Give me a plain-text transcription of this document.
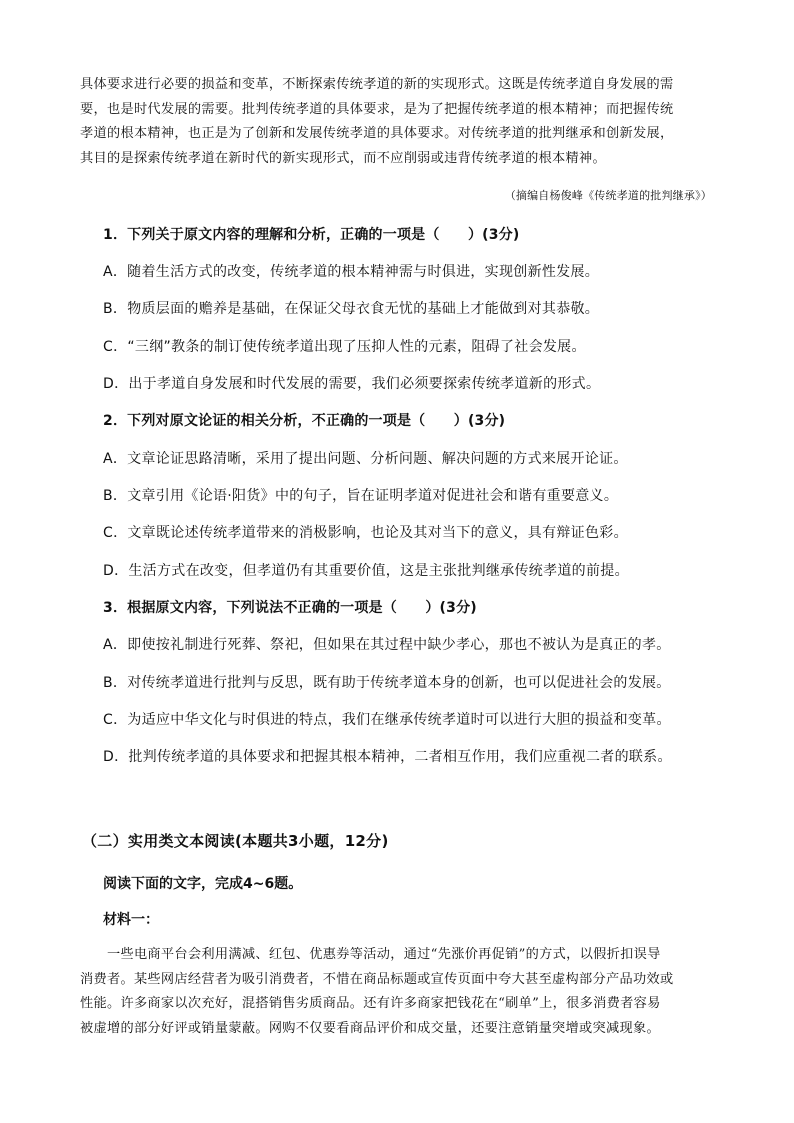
具体要求进行必要的损益和变革，不断探索传统孝道的新的实现形式。这既是传统孝道自身发展的需
要，也是时代发展的需要。批判传统孝道的具体要求，是为了把握传统孝道的根本精神；而把握传统
孝道的根本精神，也正是为了创新和发展传统孝道的具体要求。对传统孝道的批判继承和创新发展，
其目的是探索传统孝道在新时代的新实现形式，而不应削弱或违背传统孝道的根本精神。
（摘编自杨俊峰《传统孝道的批判继承》）
1．下列关于原文内容的理解和分析，正确的一项是（　　）(3分)
A．随着生活方式的改变，传统孝道的根本精神需与时俱进，实现创新性发展。
B．物质层面的赡养是基础，在保证父母衣食无忧的基础上才能做到对其恭敬。
C．“三纲”教条的制订使传统孝道出现了压抑人性的元素，阻碍了社会发展。
D．出于孝道自身发展和时代发展的需要，我们必须要探索传统孝道新的形式。
2．下列对原文论证的相关分析，不正确的一项是（　　）(3分)
A．文章论证思路清晰，采用了提出问题、分析问题、解决问题的方式来展开论证。
B．文章引用《论语·阳货》中的句子，旨在证明孝道对促进社会和谐有重要意义。
C．文章既论述传统孝道带来的消极影响，也论及其对当下的意义，具有辩证色彩。
D．生活方式在改变，但孝道仍有其重要价值，这是主张批判继承传统孝道的前提。
3．根据原文内容，下列说法不正确的一项是（　　）(3分)
A．即使按礼制进行死葬、祭祀，但如果在其过程中缺少孝心，那也不被认为是真正的孝。
B．对传统孝道进行批判与反思，既有助于传统孝道本身的创新，也可以促进社会的发展。
C．为适应中华文化与时俱进的特点，我们在继承传统孝道时可以进行大胆的损益和变革。
D．批判传统孝道的具体要求和把握其根本精神，二者相互作用，我们应重视二者的联系。
（二）实用类文本阅读(本题共3小题，12分)
阅读下面的文字，完成4~6题。
材料一：
　　一些电商平台会利用满减、红包、优惠券等活动，通过“先涨价再促销”的方式，以假折扣误导
消费者。某些网店经营者为吸引消费者，不惜在商品标题或宣传页面中夸大甚至虚构部分产品功效或
性能。许多商家以次充好，混搭销售劣质商品。还有许多商家把钱花在“刷单”上，很多消费者容易
被虚增的部分好评或销量蒙蔽。网购不仅要看商品评价和成交量，还要注意销量突增或突减现象。
